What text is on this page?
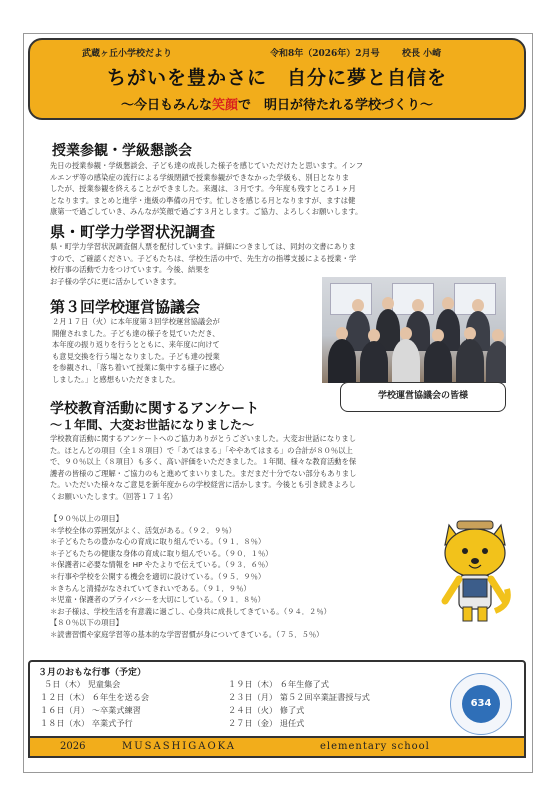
武蔵ヶ丘小学校だより	令和8年（2026年）2月号 校長 小崎
ちがいを豊かさに　自分に夢と自信を
～今日もみんな笑顔で　明日が待たれる学校づくり～
授業参観・学級懇談会
先日の授業参観・学級懇談会、子ども達の成長した様子を感じていただけたと思います。インフ
ルエンザ等の感染症の流行による学級閉鎖で授業参観ができなかった学級も、別日となりま
したが、授業参観を終えることができました。来週は、３月です。今年度も残すところ１ヶ月
となります。まとめと進学・進級の準備の月です。忙しさを感じる月となりますが、ますは健
康第一で過ごしていき、みんなが笑顔で過ごす３月とします。ご協力、よろしくお願いします。
県・町学力学習状況調査
県・町学力学習状況調査個人票を配付しています。詳細につきましては、同封の文書にありま
すので、ご確認ください。子どもたちは、学校生活の中で、先生方の指導支援による授業・学
校行事の活動で力をつけています。今後、結果を
お子様の学びに更に活かしていきます。
第３回学校運営協議会
２月１７日（火）に本年度第３回学校運営協議会が
開催されました。子ども達の様子を見ていただき、
本年度の振り返りを行うとともに、来年度に向けて
も意見交換を行う場となりました。子ども達の授業
を参観され、「落ち着いて授業に集中する様子に感心
しました。」と感想もいただきました。
学校運営協議会の皆様
学校教育活動に関するアンケート
～１年間、大変お世話になりました～
学校教育活動に関するアンケートへのご協力ありがとうございました。大変お世話になりまし
た。ほとんどの項目（全１８項目）で「あてはまる」「ややあてはまる」の合計が８０％以上
で、９０％以上（８項目）も多く、高い評価をいただきました。１年間、様々な教育活動を保
護者の皆様のご理解・ご協力のもと進めてまいりました。まだまだ十分でない部分もありまし
た。いただいた様々なご意見を新年度からの学校経営に活かします。今後とも引き続きよろし
くお願いいたします。（回答１７１名）
【９０％以上の項目】
＊学校全体の雰囲気がよく、活気がある。（９２．９％）
＊子どもたちの豊かな心の育成に取り組んでいる。（９１．８％）
＊子どもたちの健康な身体の育成に取り組んでいる。（９０．１％）
＊保護者に必要な情報を HP やたよりで伝えている。（９３．６％）
＊行事や学校を公開する機会を適切に設けている。（９５．９％）
＊きちんと清掃がなされていてきれいである。（９１．９％）
＊児童・保護者のプライバシーを大切にしている。（９１．８％）
＊お子様は、学校生活を有意義に過ごし、心身共に成長してきている。（９４．２％）
【８０％以下の項目】
＊読書習慣や家庭学習等の基本的な学習習慣が身についてきている。（７５．５％）
３月のおもな行事（予定）
５日（木） 児童集会
１２日（木） ６年生を送る会
１６日（月） ～卒業式練習
１８日（水） 卒業式予行
１９日（木） ６年生修了式
２３日（月） 第５２回卒業証書授与式
２４日（火） 修了式
２７日（金） 退任式
634
2026	MUSASHIGAOKA	elementary school
